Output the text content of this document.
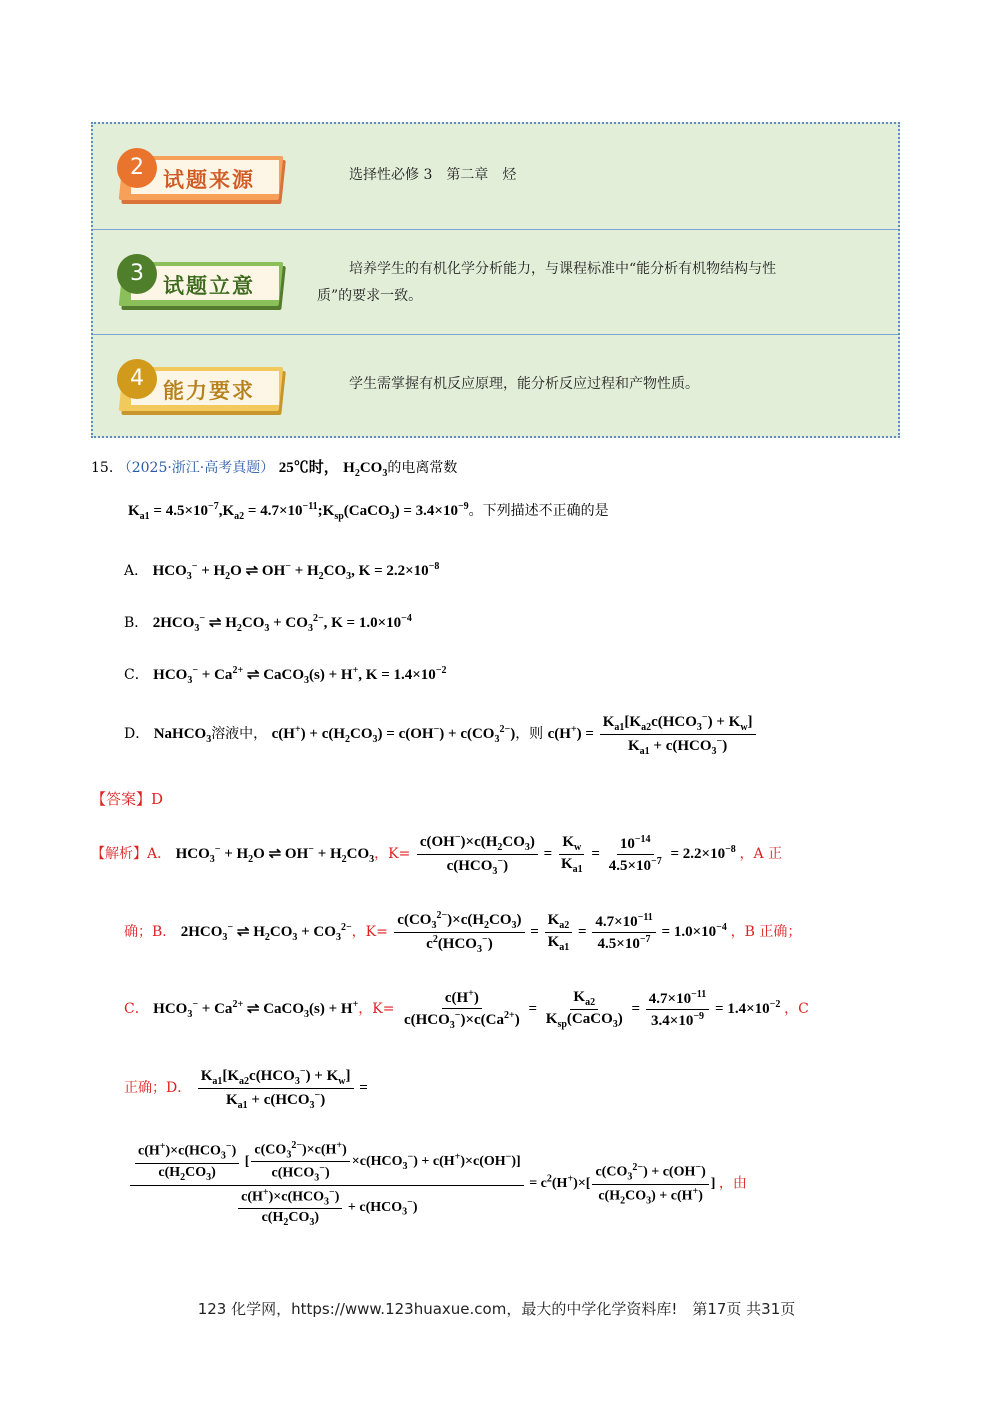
2 试题来源	选择性必修 3　第二章　烃
3 试题立意
培养学生的有机化学分析能力，与课程标准中“能分析有机物结构与性
质”的要求一致。
4 能力要求	学生需掌握有机反应原理，能分析反应过程和产物性质。
15. （2025·浙江·高考真题） 25℃时， $H_2CO_3$的电离常数
$K_{a1} = 4.5\times 10^{-7},K_{a2}$ = $4.7\times 10^{-11};K_{sp}(CaCO_3) = 3.4\times 10^{-9}$。下列描述不正确的是
A． $HCO_3^- + H_2O$ ⇌ $OH^- + H_2CO_3$, $K = 2.2\times 10^{-8}$
B． $2HCO_3^-$ ⇌ $H_2CO_3 + CO_3^{2-}$, $K = 1.0\times 10^{-4}$
C． $HCO_3^- + Ca^{2+}$ ⇌ CaCO$_3$(s) + H+, $K = 1.4\times 10^{-2}$
D． NaHCO$_3$溶液中， $c(H^+) + c(H_2CO_3) = c(OH^-) + c(CO_3^{2-})$，则 $c(H^+) = \frac{K_{a1}[K_{a2}c(HCO_3^-) + K_w]}{K_{a1} + c(HCO_3^-)}$
【答案】D
【解析】A． $HCO_3^- + H_2O$ ⇌ $OH^- + H_2CO_3$，$K= \frac{c(OH^-)\times c(H_2CO_3)}{c(HCO_3^-)} = \frac{K_w}{K_{a1}} = \frac{10^{-14}}{4.5\times 10^{-7}} = 2.2\times 10^{-8}$ ，A 正
确；B． $2HCO_3^-$ ⇌ $H_2CO_3 + CO_3^{2-}$，$K= \frac{c(CO_3^{2-})\times c(H_2CO_3)}{c^2(HCO_3^-)} = \frac{K_{a2}}{K_{a1}} = \frac{4.7\times 10^{-11}}{4.5\times 10^{-7}} = 1.0\times 10^{-4}$ ，B 正确；
C． $HCO_3^- + Ca^{2+}$ ⇌ CaCO$_3$(s) + H+，$K= \frac{c(H^+)}{c(HCO_3^-)\times c(Ca^{2+})} = \frac{K_{a2}}{K_{sp}(CaCO_3)} = \frac{4.7\times 10^{-11}}{3.4\times 10^{-9}} = 1.4\times 10^{-2}$ ，C
正确；D． $\frac{K_{a1}[K_{a2}c(HCO_3^-) + K_w]}{K_{a1} + c(HCO_3^-)}$ =
$\frac{c(H^+)\times c(HCO_3^-)}{c(H_2CO_3)}$ [ $\frac{c(CO_3^{2-})\times c(H^+)}{c(HCO_3^-)} \times c(HCO_3^-) + c(H^+)\times c(OH^-)$]
$\frac{c(H^+)\times c(HCO_3^-)}{c(H_2CO_3)} + c(HCO_3^-)$
= $c^2(H^+)\times[ \frac{c(CO_3^{2-}) + c(OH^-)}{c(H_2CO_3) + c(H^+)}$ ] ，由
123 化学网，https://www.123huaxue.com，最大的中学化学资料库!　第17页 共31页
